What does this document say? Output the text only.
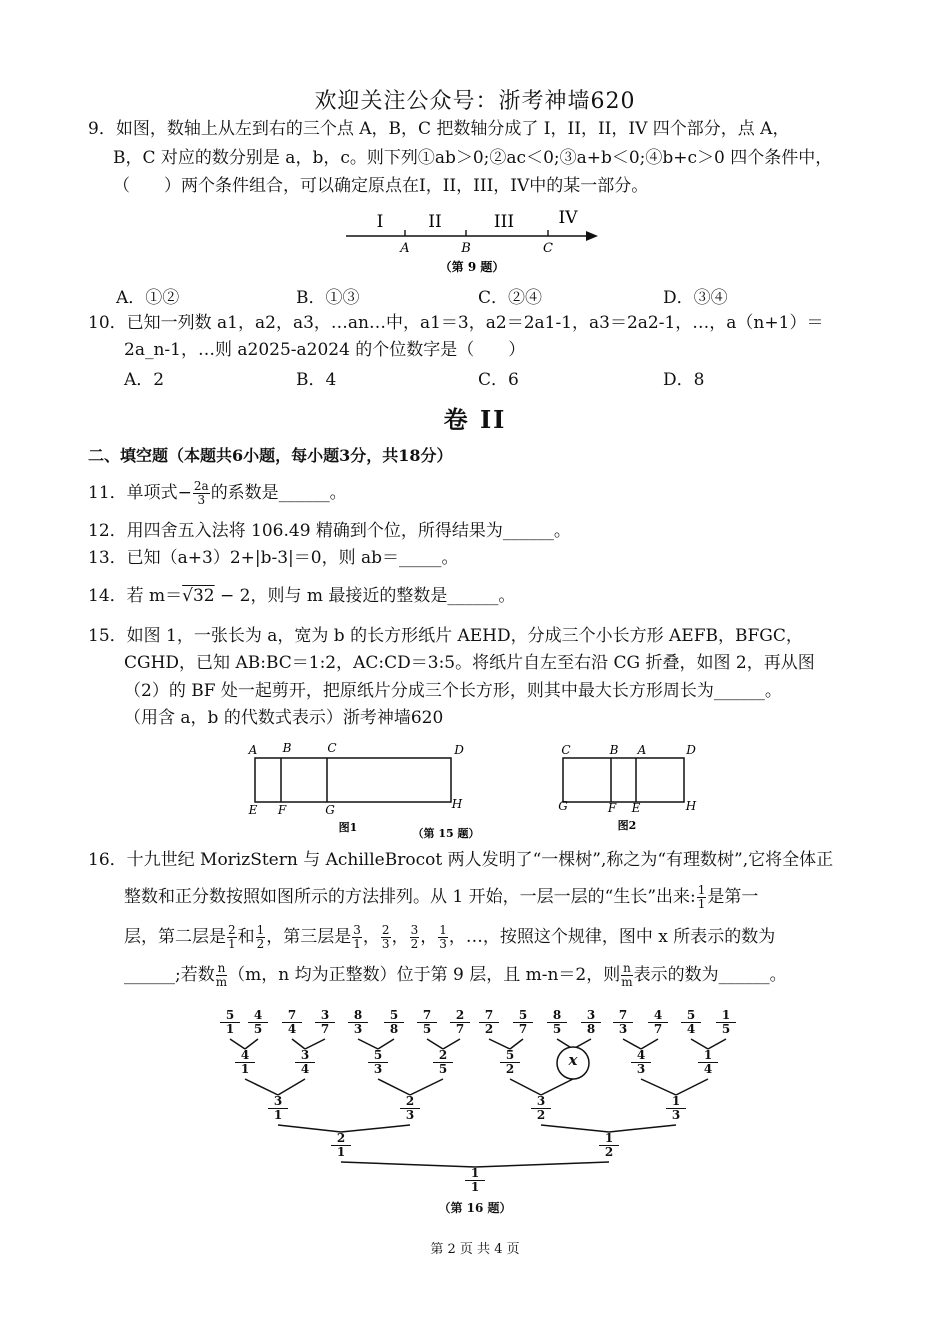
欢迎关注公众号：浙考神墙620
9．如图，数轴上从左到右的三个点 A，B，C 把数轴分成了 I，II，II，IV 四个部分，点 A，
B，C 对应的数分别是 a，b，c。则下列①ab＞0;②ac＜0;③a+b＜0;④b+c＞0 四个条件中，
（　　）两个条件组合，可以确定原点在I，II，III，IV中的某一部分。
I	II	III	IV
A	B	C
（第 9 题）
A．①②	B．①③	C．②④	D．③④
10．已知一列数 a1，a2，a3，…an…中，a1＝3，a2＝2a1-1，a3＝2a2-1，…，a（n+1）＝
2a_n-1，…则 a2025-a2024 的个位数字是（　　）
A．2	B．4	C．6	D．8
卷 II
二、填空题（本题共6小题，每小题3分，共18分）
11．单项式− $\frac{2a}{3}$ 的系数是______。
12．用四舍五入法将 106.49 精确到个位，所得结果为______。
13．已知（a+3）2+|b-3|＝0，则 ab＝_____。
14．若 m＝√32 − 2，则与 m 最接近的整数是______。
15．如图 1，一张长为 a，宽为 b 的长方形纸片 AEHD，分成三个小长方形 AEFB，BFGC，
CGHD，已知 AB:BC＝1:2，AC:CD＝3:5。将纸片自左至右沿 CG 折叠，如图 2，再从图
（2）的 BF 处一起剪开，把原纸片分成三个长方形，则其中最大长方形周长为______。
（用含 a，b 的代数式表示）浙考神墙620
A B	C	D
E F	G	H
图1	（第 15 题）
C	B A	D
G	F E	H
图2
16．十九世纪 MorizStern 与 AchilleBrocot 两人发明了“一棵树”,称之为“有理数树”,它将全体正
整数和正分数按照如图所示的方法排列。从 1 开始，一层一层的“生长”出来: $\frac{1}{1}$ 是第一
层，第二层是 $\frac{2}{1}$ 和 $\frac{1}{2}$ ，第三层是 $\frac{3}{1}$ ， $\frac{2}{3}$ ， $\frac{3}{2}$ ， $\frac{1}{3}$ ，…，按照这个规律，图中 x 所表示的数为
______;若数 $\frac{n}{m} (m$，n 均为正整数）位于第 9 层，且 m-n＝2，则 $\frac{n}{m}$ 表示的数为______。
1
1
2
1
1
2
3
1
2
3
3
2
1
3
4
1
3
4
5
3
2
5
5
2	x	4
3
1
4
5
1
4
5
7
4
3
7
8
3
5
8
7
5
2
7
7
2
5
7
8
5
3
8
7
3
4
7
5
4
1
5
（第 16 题）
第 2 页 共 4 页
